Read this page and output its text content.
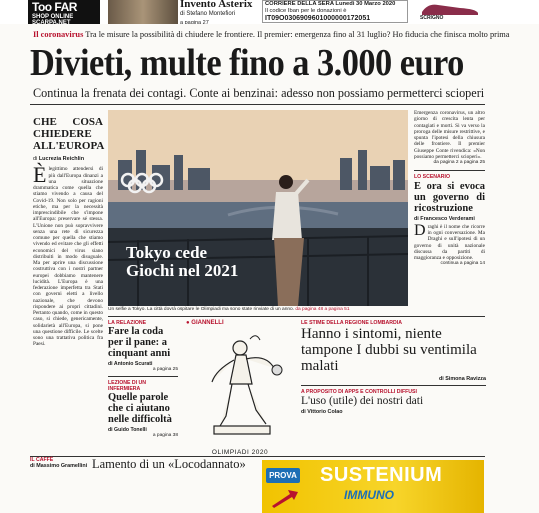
Too FAR
SHOP ONLINE SCARPA.NET
Invento Asterix
di Stefano Montefiori
a pagina 27
CORRIERE DELLA SERA Lunedì 30 Marzo 2020
Il codice Iban per le donazioni è
IT09O0306909601000000172051	SCRIGNO
Il coronavirus Tra le misure la possibilità di chiudere le frontiere. Il premier: emergenza fino al 31 luglio? Ho fiducia che finisca molto prima
Divieti, multe fino a 3.000 euro
Continua la frenata dei contagi. Conte ai benzinai: adesso non possiamo permetterci scioperi
CHE COSA CHIEDERE ALL'EUROPA
di Lucrezia Reichlin
È legittimo attendersi di più dall'Europa dinanzi a una situazione drammatica come quella che stiamo vivendo a causa del Covid-19. Non solo per ragioni etiche, ma per la necessità imprescindibile che s'impone all'Europa: preservare sé stessa. L'Unione non può sopravvivere senza una rete di sicurezza comune per quella che stiamo vivendo ed evitare che gli effetti economici del virus siano distribuiti in modo disuguale. Ma per aprire una discussione costruttiva con i nostri partner europei dobbiamo mantenere lucidità. L'Europa è una federazione imperfetta tra Stati con governi eletti a livello nazionale, che devono rispondere ai propri cittadini. Pertanto quando, come in questo caso, si chiede, genericamente, solidarietà all'Europa, si pone una questione difficile. Le scelte sono una trattativa politica fra Paesi.

Tokyo cede Giochi nel 2021
Un selfie a Tokyo. La città dovrà ospitare le Olimpiadi ma sono state rinviate di un anno. da pagina 48 a pagina 51

Emergenza coronavirus, un altro giorno di crescita lenta per contagiati e morti. Si va verso la proroga delle misure restrittive, e spunta l'ipotesi della chiusura delle frontiere. Il premier Giuseppe Conte rivendica: «Non possiamo permetterci scioperi».

da pagina 2 a pagina 25
LO SCENARIO
E ora si evoca un governo di ricostruzione
di Francesco Verderami
D raghi è il nome che ricorre in ogni conversazione. Ma Draghi e sull'ipotesi di un governo di unità nazionale discussa da partiti di maggioranza e opposizione.

continua a pagina 14
LA RELAZIONE
Fare la coda per il pane: a cinquant anni
di Antonio Scurati
a pagina 25
LEZIONE DI UN INFERMIERA
Quelle parole che ci aiutano nelle difficoltà
di Guido Tonelli
a pagina 38
● GIANNELLI
OLIMPIADI 2020
LE STIME DELLA REGIONE LOMBARDIA
Hanno i sintomi, niente tampone I dubbi su ventimila malati
di Simona Ravizza
A PROPOSITO DI APPS E CONTROLLI DIFFUSI
L'uso (utile) dei nostri dati
di Vittorio Colao
IL CAFFÈ
di Massimo Gramellini Lamento di un «Locodannato»
PROVA SUSTENIUM
IMMUNO
